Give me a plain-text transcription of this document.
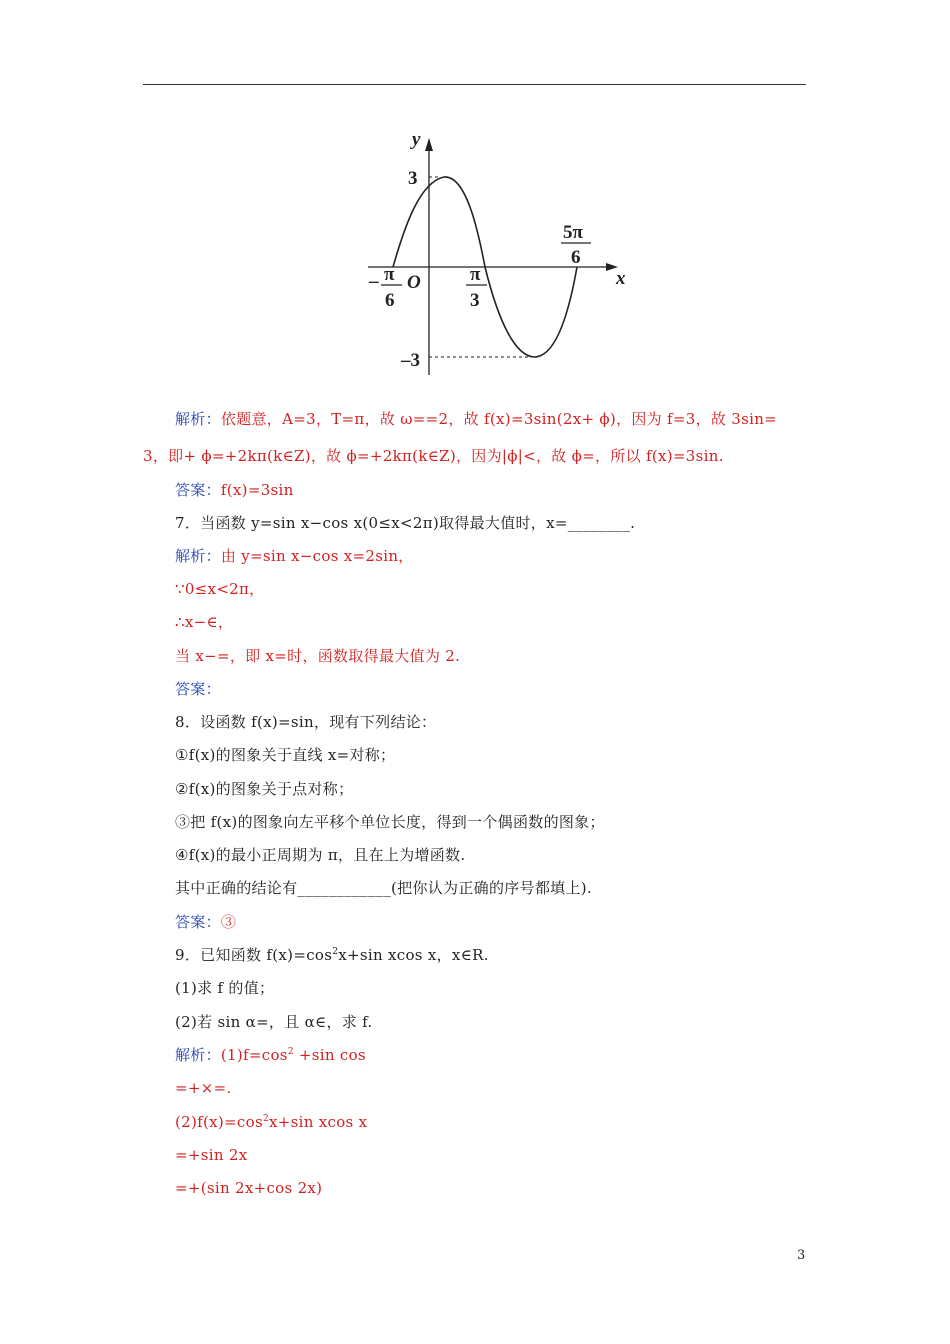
y
x
O
3
–3
– π
6
π
3
5π
6
解析：依题意，A=3，T=π，故 ω==2，故 f(x)=3sin(2x+ ϕ)，因为 f=3，故 3sin=
3，即+ ϕ=+2kπ(k∈Z)，故 ϕ=+2kπ(k∈Z)，因为|ϕ|<，故 ϕ=，所以 f(x)=3sin.
答案：f(x)=3sin
7．当函数 y=sin x−cos x(0≤x<2π)取得最大值时，x=________.
解析：由 y=sin x−cos x=2sin，
∵0≤x<2π，
∴x−∈，
当 x−=，即 x=时，函数取得最大值为 2.
答案：
8．设函数 f(x)=sin，现有下列结论：
①f(x)的图象关于直线 x=对称；
②f(x)的图象关于点对称；
③把 f(x)的图象向左平移个单位长度，得到一个偶函数的图象；
④f(x)的最小正周期为 π，且在上为增函数.
其中正确的结论有____________(把你认为正确的序号都填上).
答案：③
9．已知函数 $f(x)=\cos^2x+\sin$ xcos x，x∈R.
(1)求 f 的值；
(2)若 sin α=，且 α∈，求 f.
解析：$(1)f=\cos^2 +\sin$ cos
=+×=.
$(2)f(x)=\cos^2x+\sin$ xcos x
=+sin 2x
=+(sin 2x+cos 2x)
3
